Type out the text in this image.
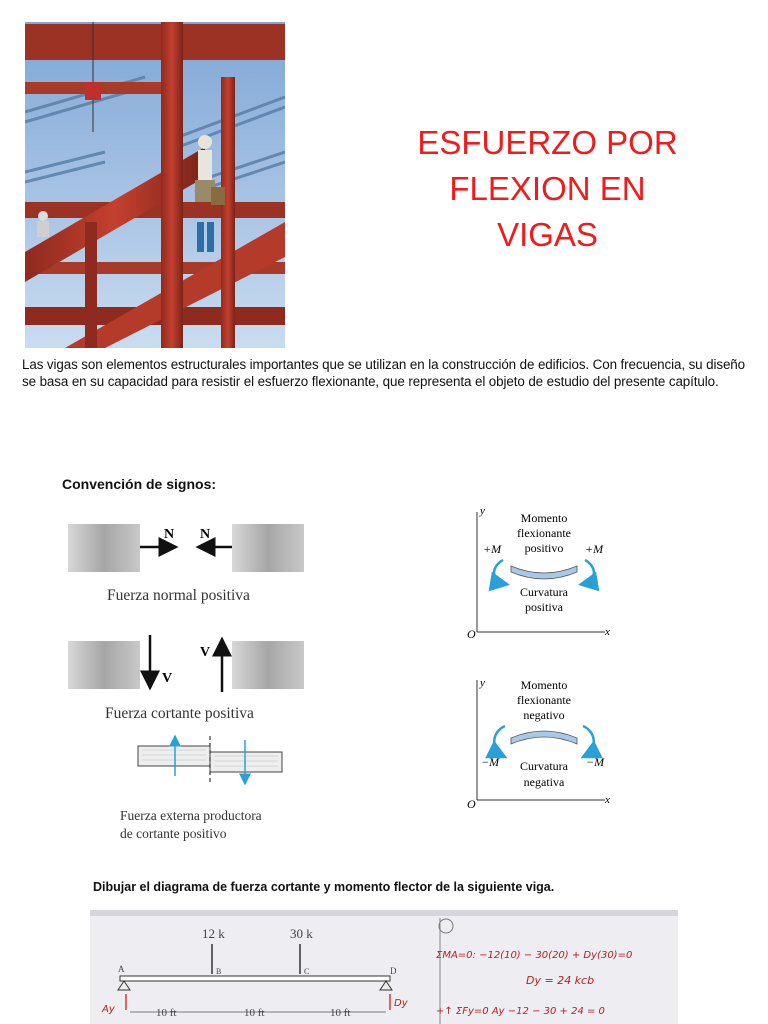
ESFUERZO POR
FLEXION EN
VIGAS
Las vigas son elementos estructurales importantes que se utilizan en la construcción de edificios. Con frecuencia, su diseño se basa en su capacidad para resistir el esfuerzo flexionante, que representa el objeto de estudio del presente capítulo.
Convención de signos:
N N
Fuerza normal positiva
V
V
Fuerza cortante positiva
Fuerza externa productora
de cortante positivo
y
x
O
Momento
flexionante
positivo
+M	+M
Curvatura
positiva
y
x
O
Momento
flexionante
negativo
−M	−M
Curvatura
negativa
Dibujar el diagrama de fuerza cortante y momento flector de la siguiente viga.
12 k	30 k
A	B	C	D
Ay
Dy
10 ft	10 ft	10 ft
ΣMA=0: −12(10) − 30(20) + Dy(30)=0
Dy = 24 kcb
+↑ ΣFy=0 Ay −12 − 30 + 24 = 0
